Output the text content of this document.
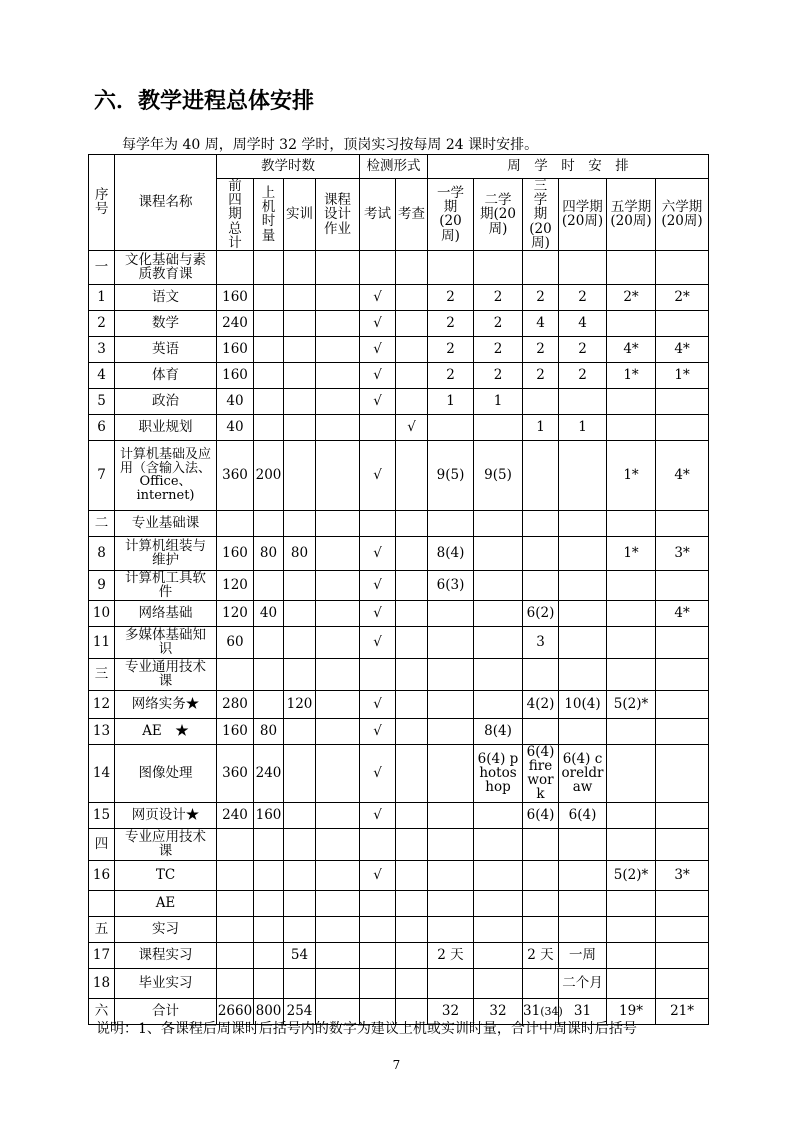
六．教学进程总体安排
每学年为 40 周，周学时 32 学时，顶岗实习按每周 24 课时安排。
序号	课程名称	教学时数				检测形式		周　学　时　安　排					
		前四期总计	上机时量	实训	课程设计作业	考试	考查	一学期(20周)	二学期(20周)	三学期(20周)	四学期(20周)	五学期(20周)	六学期(20周)
一	文化基础与素质教育课												
1	语文	160				√		2	2	2	2	2*	2*
2	数学	240				√		2	2	4	4		
3	英语	160				√		2	2	2	2	4*	4*
4	体育	160				√		2	2	2	2	1*	1*
5	政治	40				√		1	1				
6	职业规划	40					√			1	1		
7	计算机基础及应用（含输入法、Office、internet)	360	200			√		9(5)	9(5)			1*	4*
二	专业基础课												
8	计算机组装与维护	160	80	80		√		8(4)				1*	3*
9	计算机工具软件	120				√		6(3)					
10	网络基础	120	40			√				6(2)			4*
11	多媒体基础知识	60				√				3			
三	专业通用技术课												
12	网络实务★	280		120		√				4(2)	10(4)	5(2)*	
13	AE　★	160	80			√			8(4)				
14	图像处理	360	240			√			6(4) photoshop	6(4) firework	6(4) coreldraw		
15	网页设计★	240	160			√				6(4)	6(4)		
四	专业应用技术课												
16	TC					√						5(2)*	3*
	AE												
五	实习												
17	课程实习			54				2 天		2 天	一周		
18	毕业实习										二个月		
六	合计	2660	800	254				32	32	31(34)	31	19*	21*
说明：1、各课程后周课时后括号内的数字为建议上机或实训时量，合计中周课时后括号
7
